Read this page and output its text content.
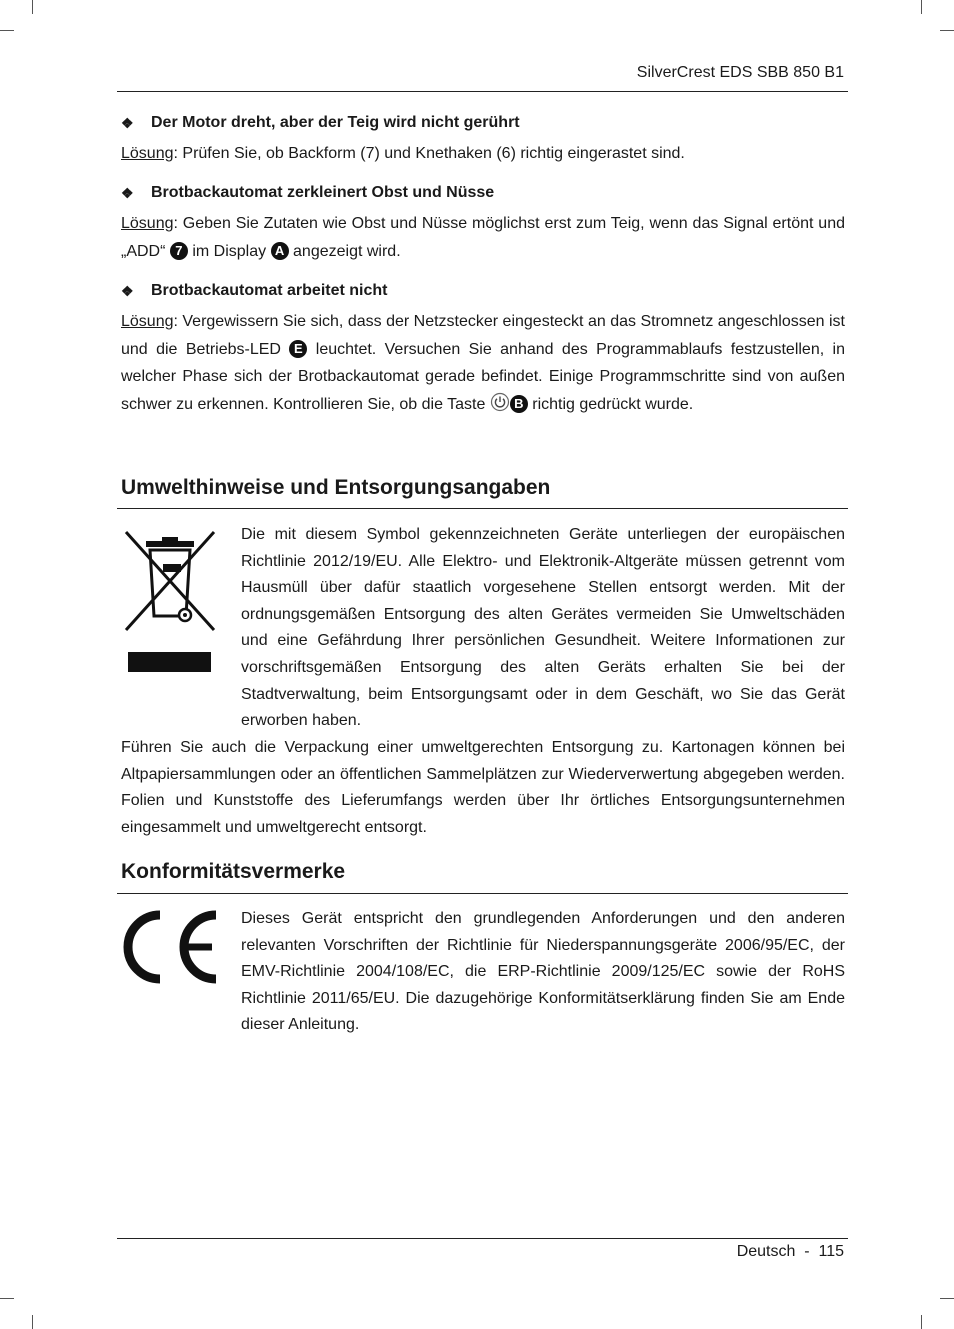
SilverCrest EDS SBB 850 B1
❖	Der Motor dreht, aber der Teig wird nicht gerührt

Lösung: Prüfen Sie, ob Backform (7) und Knethaken (6) richtig eingerastet sind.

❖	Brotbackautomat zerkleinert Obst und Nüsse

Lösung: Geben Sie Zutaten wie Obst und Nüsse möglichst erst zum Teig, wenn das Signal ertönt und „ADD“ 7 im Display A angezeigt wird.

❖	Brotbackautomat arbeitet nicht

Lösung: Vergewissern Sie sich, dass der Netzstecker eingesteckt an das Stromnetz angeschlossen ist und die Betriebs-LED E leuchtet. Versuchen Sie anhand des Programmablaufs festzustellen, in welcher Phase sich der Brotbackautomat gerade befindet. Einige Programmschritte sind von außen schwer zu erkennen. Kontrollieren Sie, ob die Taste B richtig gedrückt wurde.

Umwelthinweise und Entsorgungsangaben
Die mit diesem Symbol gekennzeichneten Geräte unterliegen der europäischen Richtlinie 2012/19/EU. Alle Elektro- und Elektronik-Altgeräte müssen getrennt vom Hausmüll über dafür staatlich vorgesehene Stellen entsorgt werden. Mit der ordnungsgemäßen Entsorgung des alten Gerätes vermeiden Sie Umweltschäden und eine Gefährdung Ihrer persönlichen Gesundheit. Weitere Informationen zur vorschriftsgemäßen Entsorgung des alten Geräts erhalten Sie bei der Stadtverwaltung, beim Entsorgungsamt oder in dem Geschäft, wo Sie das Gerät erworben haben.
Führen Sie auch die Verpackung einer umweltgerechten Entsorgung zu. Kartonagen können bei Altpapiersammlungen oder an öffentlichen Sammelplätzen zur Wiederverwertung abgegeben werden. Folien und Kunststoffe des Lieferumfangs werden über Ihr örtliches Entsorgungsunternehmen eingesammelt und umweltgerecht entsorgt.
Konformitätsvermerke
Dieses Gerät entspricht den grundlegenden Anforderungen und den anderen relevanten Vorschriften der Richtlinie für Niederspannungsgeräte 2006/95/EC, der EMV-Richtlinie 2004/108/EC, die ERP-Richtlinie 2009/125/EC sowie der RoHS Richtlinie 2011/65/EU. Die dazugehörige Konformitätserklärung finden Sie am Ende dieser Anleitung.
Deutsch  -  115
